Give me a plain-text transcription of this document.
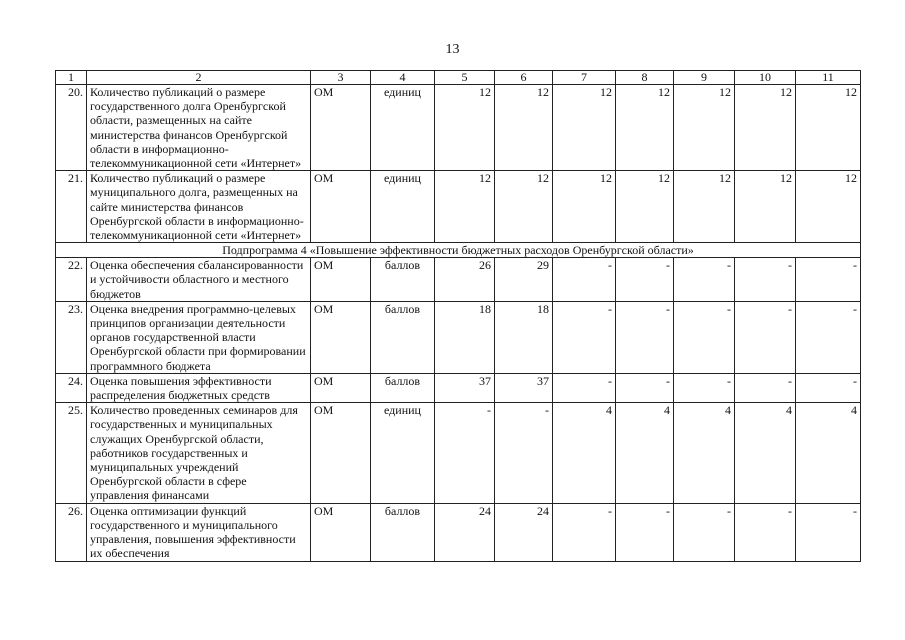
13
1	2	3	4	5	6	7	8	9	10	11
20.	Количество публикаций о размере государственного долга Оренбургской области, размещенных на сайте министерства финансов Оренбургской области в информационно-телекоммуникационной сети «Интернет»	ОМ	единиц	12	12	12	12	12	12	12
21.	Количество публикаций о размере муниципального долга, размещенных на сайте министерства финансов Оренбургской области в информационно-телекоммуникационной сети «Интернет»	ОМ	единиц	12	12	12	12	12	12	12
Подпрограмма 4 «Повышение эффективности бюджетных расходов Оренбургской области»										
22.	Оценка обеспечения сбалансированности и устойчивости областного и местного бюджетов	ОМ	баллов	26	29	-	-	-	-	-
23.	Оценка внедрения программно-целевых принципов организации деятельности органов государственной власти Оренбургской области при формировании программного бюджета	ОМ	баллов	18	18	-	-	-	-	-
24.	Оценка повышения эффективности распределения бюджетных средств	ОМ	баллов	37	37	-	-	-	-	-
25.	Количество проведенных семинаров для государственных и муниципальных служащих Оренбургской области, работников государственных и муниципальных учреждений Оренбургской области в сфере управления финансами	ОМ	единиц	-	-	4	4	4	4	4
26.	Оценка оптимизации функций государственного и муниципального управления, повышения эффективности их обеспечения	ОМ	баллов	24	24	-	-	-	-	-
